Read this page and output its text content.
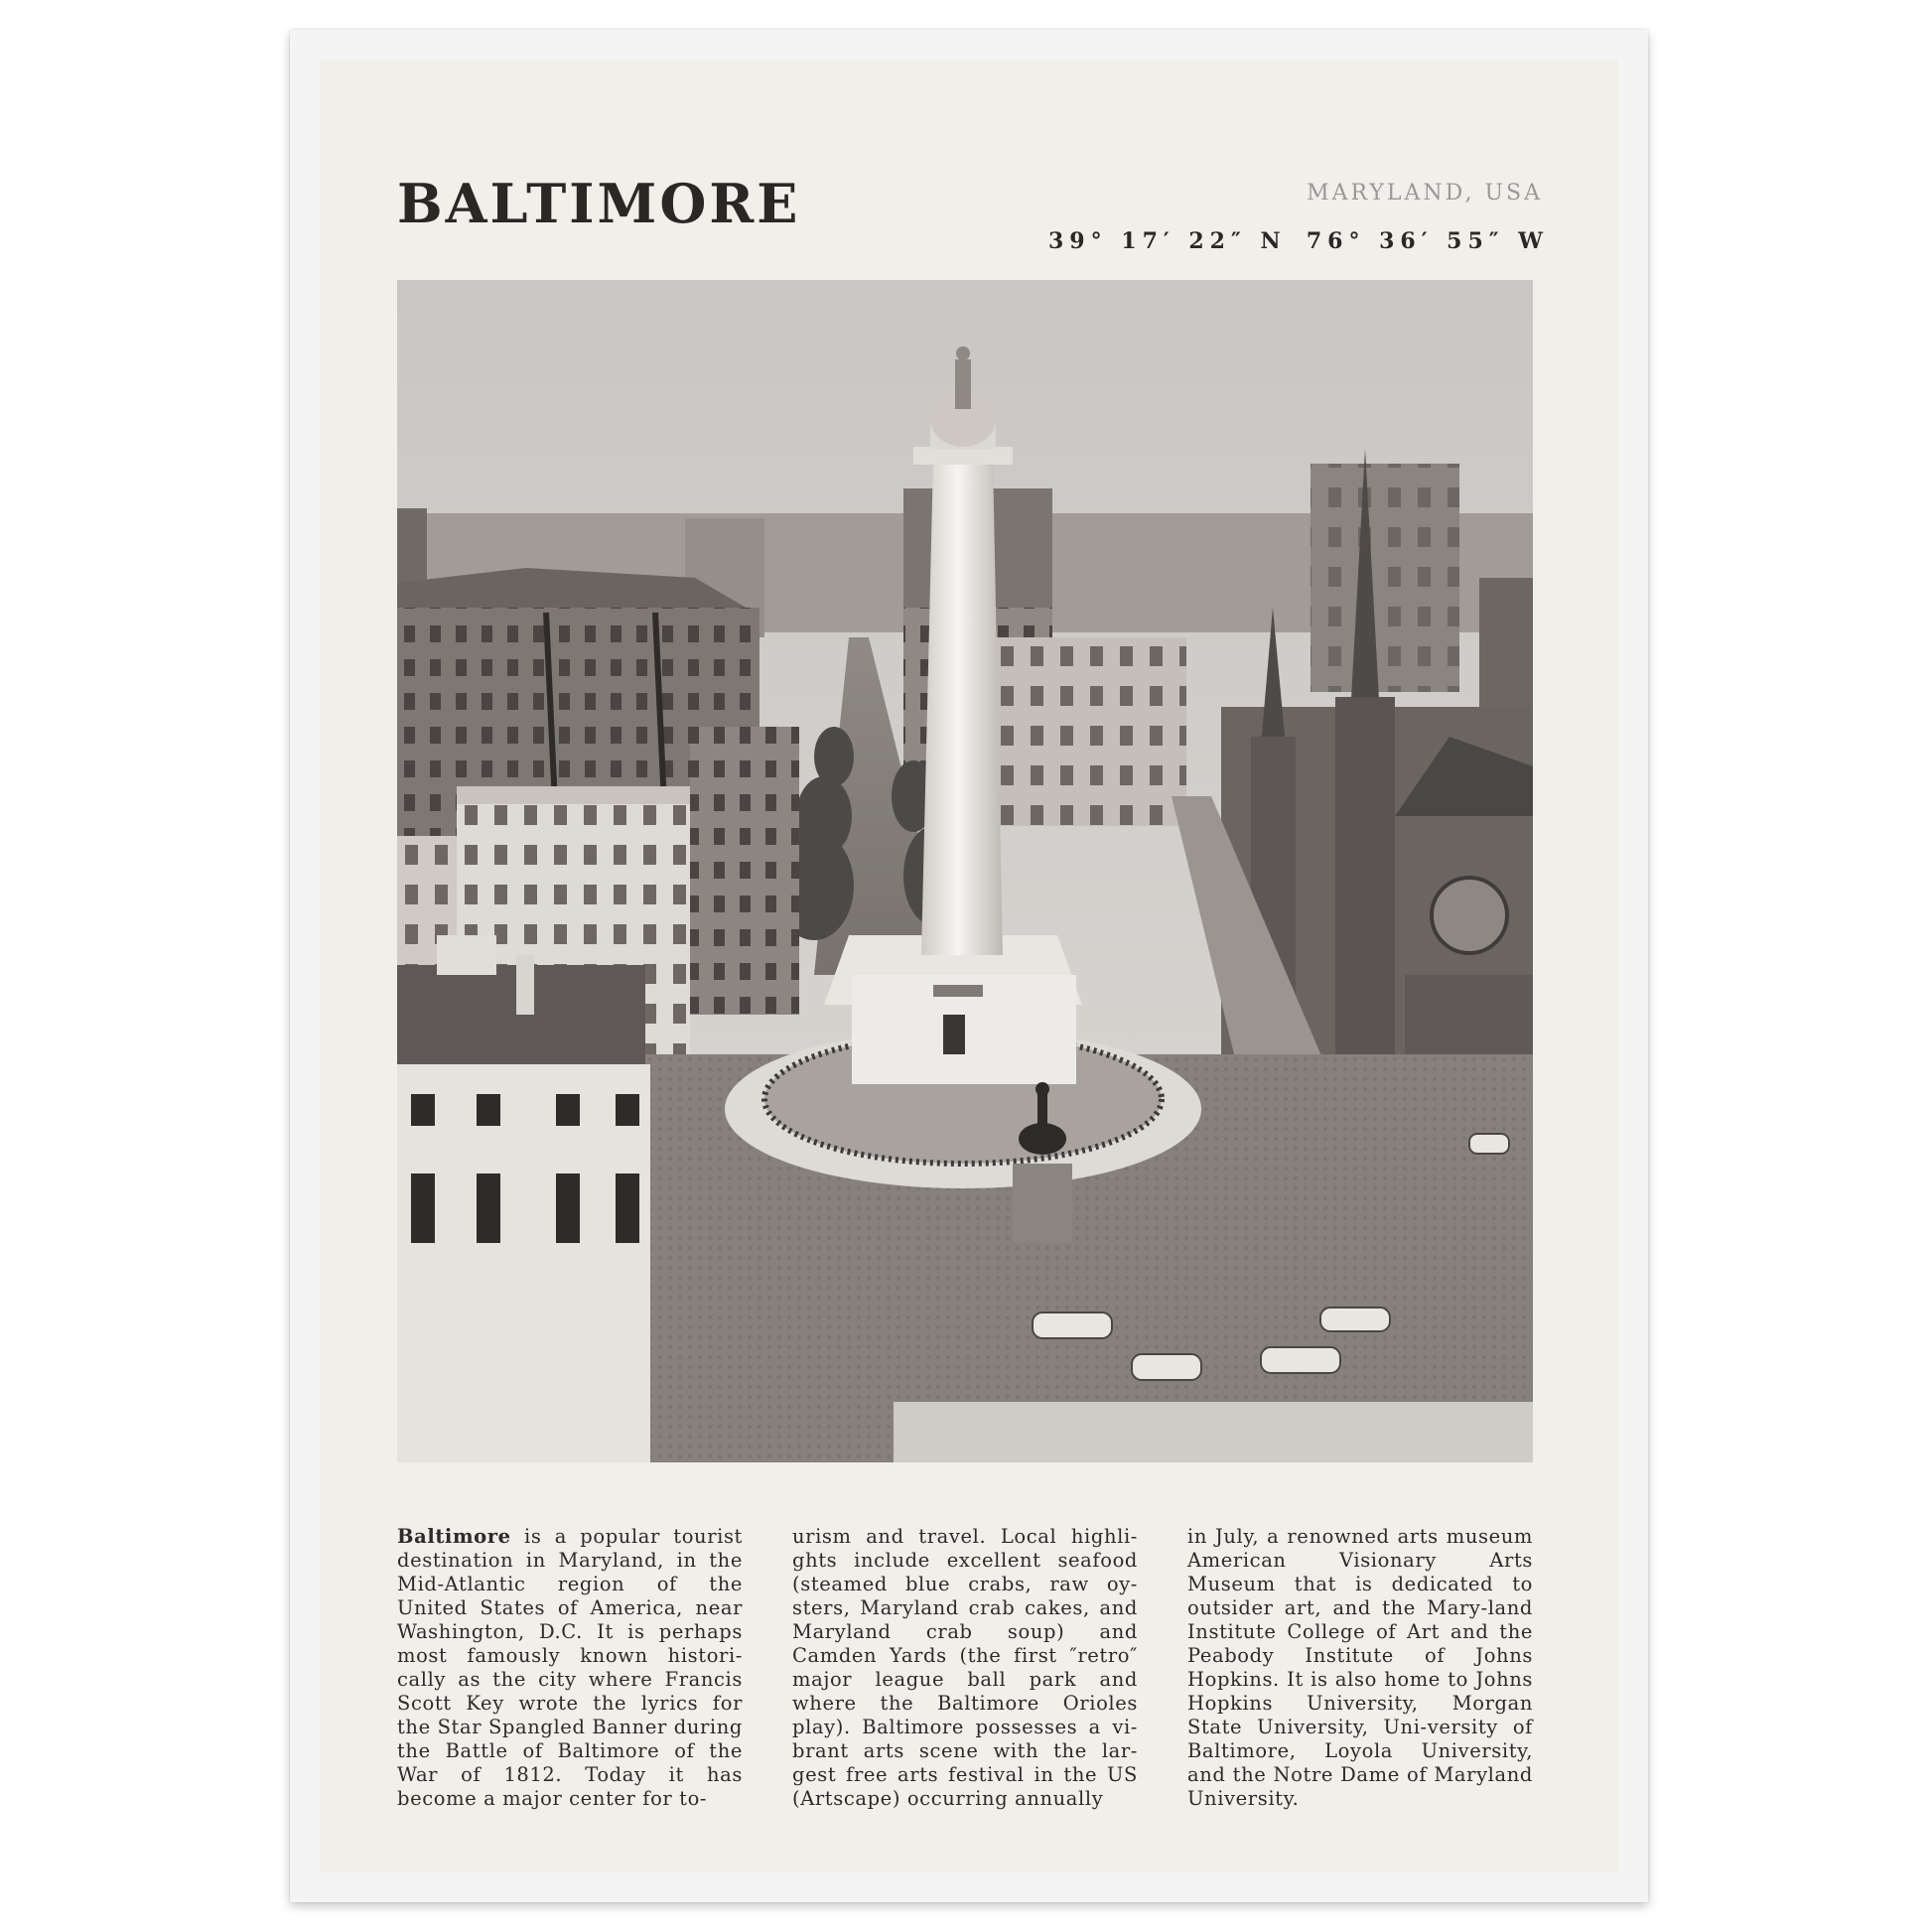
BALTIMORE	MARYLAND, USA
39° 17′ 22″ N 76° 36′ 55″ W
Baltimore is a popular tourist destination in Maryland, in the Mid-Atlantic region of the United States of America, near Washington, D.C. It is perhaps most famously known histori-cally as the city where Francis Scott Key wrote the lyrics for the Star Spangled Banner during the Battle of Baltimore of the War of 1812. Today it has become a major center for to-
urism and travel. Local highli-ghts include excellent seafood (steamed blue crabs, raw oy-sters, Maryland crab cakes, and Maryland crab soup) and Camden Yards (the first ″retro″ major league ball park and where the Baltimore Orioles play). Baltimore possesses a vi-brant arts scene with the lar-gest free arts festival in the US (Artscape) occurring annually
in July, a renowned arts museum American Visionary Arts Museum that is dedicated to outsider art, and the Mary-land Institute College of Art and the Peabody Institute of Johns Hopkins. It is also home to Johns Hopkins University, Morgan State University, Uni-versity of Baltimore, Loyola University, and the Notre Dame of Maryland University.
